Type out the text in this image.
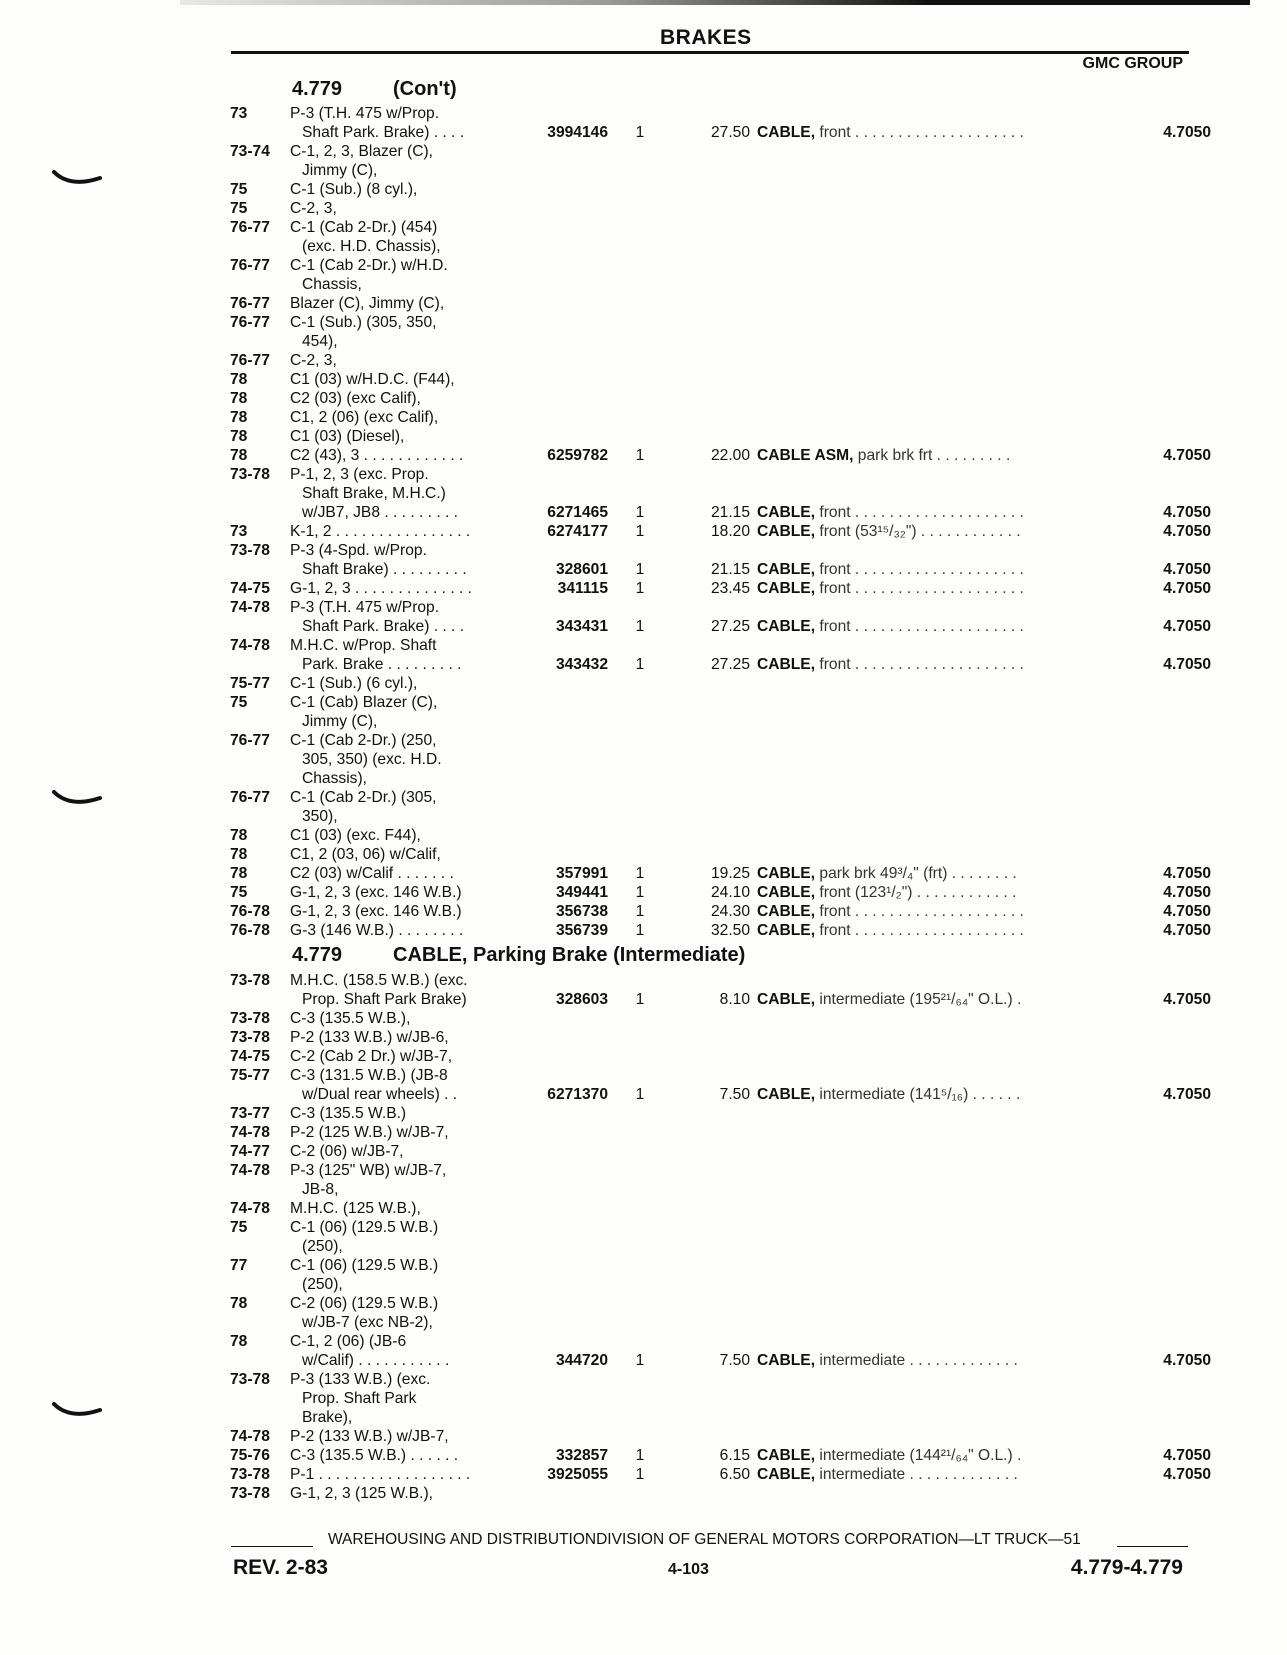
BRAKES
GMC GROUP
4.779	(Con't)
73	P-3 (T.H. 475 w/Prop.
Shaft Park. Brake) . . . .	3994146	1	27.50 CABLE, front . . . . . . . . . . . . . . . . . . . .	4.7050
73-74 C-1, 2, 3, Blazer (C),
Jimmy (C),
75	C-1 (Sub.) (8 cyl.),
75	C-2, 3,
76-77 C-1 (Cab 2-Dr.) (454)
(exc. H.D. Chassis),
76-77 C-1 (Cab 2-Dr.) w/H.D.
Chassis,
76-77 Blazer (C), Jimmy (C),
76-77 C-1 (Sub.) (305, 350,
454),
76-77 C-2, 3,
78	C1 (03) w/H.D.C. (F44),
78	C2 (03) (exc Calif),
78	C1, 2 (06) (exc Calif),
78	C1 (03) (Diesel),
78	C2 (43), 3 . . . . . . . . . . . .	6259782	1	22.00 CABLE ASM, park brk frt . . . . . . . . .	4.7050
73-78 P-1, 2, 3 (exc. Prop.
Shaft Brake, M.H.C.)
w/JB7, JB8 . . . . . . . . .	6271465	1	21.15 CABLE, front . . . . . . . . . . . . . . . . . . . .	4.7050
73	K-1, 2 . . . . . . . . . . . . . . . .	6274177	1	18.20 CABLE, front (53¹⁵/₃₂") . . . . . . . . . . . .	4.7050
73-78 P-3 (4-Spd. w/Prop.
Shaft Brake) . . . . . . . . .	328601	1	21.15 CABLE, front . . . . . . . . . . . . . . . . . . . .	4.7050
74-75 G-1, 2, 3 . . . . . . . . . . . . . .	341115	1	23.45 CABLE, front . . . . . . . . . . . . . . . . . . . .	4.7050
74-78 P-3 (T.H. 475 w/Prop.
Shaft Park. Brake) . . . .	343431	1	27.25 CABLE, front . . . . . . . . . . . . . . . . . . . .	4.7050
74-78 M.H.C. w/Prop. Shaft
Park. Brake . . . . . . . . .	343432	1	27.25 CABLE, front . . . . . . . . . . . . . . . . . . . .	4.7050
75-77 C-1 (Sub.) (6 cyl.),
75	C-1 (Cab) Blazer (C),
Jimmy (C),
76-77 C-1 (Cab 2-Dr.) (250,
305, 350) (exc. H.D.
Chassis),
76-77 C-1 (Cab 2-Dr.) (305,
350),
78	C1 (03) (exc. F44),
78	C1, 2 (03, 06) w/Calif,
78	C2 (03) w/Calif . . . . . . .	357991	1	19.25 CABLE, park brk 49³/₄" (frt) . . . . . . . .	4.7050
75	G-1, 2, 3 (exc. 146 W.B.)	349441	1	24.10 CABLE, front (123¹/₂") . . . . . . . . . . . .	4.7050
76-78 G-1, 2, 3 (exc. 146 W.B.)	356738	1	24.30 CABLE, front . . . . . . . . . . . . . . . . . . . .	4.7050
76-78 G-3 (146 W.B.) . . . . . . . .	356739	1	32.50 CABLE, front . . . . . . . . . . . . . . . . . . . .	4.7050
4.779	CABLE, Parking Brake (Intermediate)
73-78 M.H.C. (158.5 W.B.) (exc.
Prop. Shaft Park Brake)	328603	1	8.10 CABLE, intermediate (195²¹/₆₄" O.L.) .	4.7050
73-78 C-3 (135.5 W.B.),
73-78 P-2 (133 W.B.) w/JB-6,
74-75 C-2 (Cab 2 Dr.) w/JB-7,
75-77 C-3 (131.5 W.B.) (JB-8
w/Dual rear wheels) . .	6271370	1	7.50 CABLE, intermediate (141⁵/₁₆) . . . . . .	4.7050
73-77 C-3 (135.5 W.B.)
74-78 P-2 (125 W.B.) w/JB-7,
74-77 C-2 (06) w/JB-7,
74-78 P-3 (125" WB) w/JB-7,
JB-8,
74-78 M.H.C. (125 W.B.),
75	C-1 (06) (129.5 W.B.)
(250),
77	C-1 (06) (129.5 W.B.)
(250),
78	C-2 (06) (129.5 W.B.)
w/JB-7 (exc NB-2),
78	C-1, 2 (06) (JB-6
w/Calif) . . . . . . . . . . .	344720	1	7.50 CABLE, intermediate . . . . . . . . . . . . .	4.7050
73-78 P-3 (133 W.B.) (exc.
Prop. Shaft Park
Brake),
74-78 P-2 (133 W.B.) w/JB-7,
75-76 C-3 (135.5 W.B.) . . . . . .	332857	1	6.15 CABLE, intermediate (144²¹/₆₄" O.L.) .	4.7050
73-78 P-1 . . . . . . . . . . . . . . . . . .	3925055	1	6.50 CABLE, intermediate . . . . . . . . . . . . .	4.7050
73-78 G-1, 2, 3 (125 W.B.),
WAREHOUSING AND DISTRIBUTIONDIVISION OF GENERAL MOTORS CORPORATION—LT TRUCK—51
REV. 2-83	4-103	4.779-4.779
